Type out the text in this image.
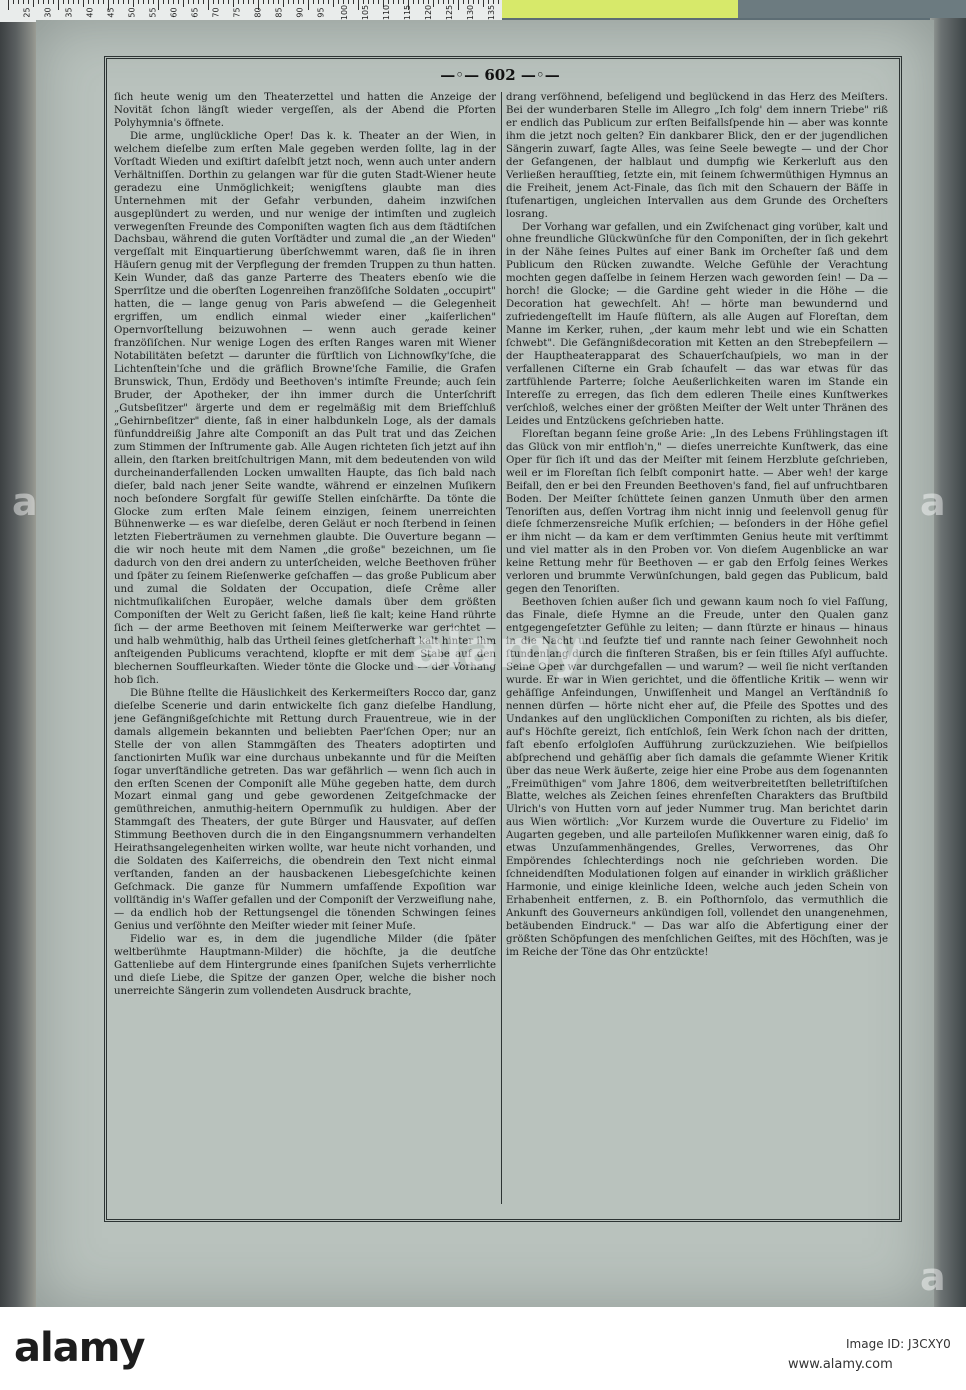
25 30 35 40 45 50 55 60 65 70 75 80 85 90 95 100 105 110 115 120 125 130 135
—◦— 602 —◦—

ſich heute wenig um den Theaterzettel und hatten die Anzeige der Novität ſchon längſt wieder vergeſſen, als der Abend die Pforten Polyhymnia's öffnete.

Die arme, unglückliche Oper! Das k. k. Theater an der Wien, in welchem dieſelbe zum erſten Male gegeben werden ſollte, lag in der Vorſtadt Wieden und exiſtirt daſelbſt jetzt noch, wenn auch unter andern Verhältniſſen. Dorthin zu gelangen war für die guten Stadt-Wiener heute geradezu eine Unmöglichkeit; wenigſtens glaubte man dies Unternehmen mit der Gefahr verbunden, daheim inzwiſchen ausgeplündert zu werden, und nur wenige der intimſten und zugleich verwegenſten Freunde des Componiſten wagten ſich aus dem ſtädtiſchen Dachsbau, während die guten Vorſtädter und zumal die „an der Wieden" vergeſſalt mit Einquartierung überſchwemmt waren, daß ſie in ihren Häuſern genug mit der Verpflegung der fremden Truppen zu thun hatten. Kein Wunder, daß das ganze Parterre des Theaters ebenſo wie die Sperrſitze und die oberſten Logenreihen franzöſiſche Soldaten „occupirt" hatten, die — lange genug von Paris abweſend — die Gelegenheit ergriffen, um endlich einmal wieder einer „kaiſerlichen" Opernvorſtellung beizuwohnen — wenn auch gerade keiner franzöſiſchen. Nur wenige Logen des erſten Ranges waren mit Wiener Notabilitäten beſetzt — darunter die fürſtlich von Lichnowſky'ſche, die Lichtenſtein'ſche und die gräflich Browne'ſche Familie, die Grafen Brunswick, Thun, Erdödy und Beethoven's intimſte Freunde; auch ſein Bruder, der Apotheker, der ihn immer durch die Unterſchrift „Gutsbeſitzer" ärgerte und dem er regelmäßig mit dem Briefſchluß „Gehirnbeſitzer" diente, ſaß in einer halbdunkeln Loge, als der damals fünfunddreißig Jahre alte Componiſt an das Pult trat und das Zeichen zum Stimmen der Inſtrumente gab. Alle Augen richteten ſich jetzt auf ihn allein, den ſtarken breitſchultrigen Mann, mit dem bedeutenden von wild durcheinanderfallenden Locken umwallten Haupte, das ſich bald nach dieſer, bald nach jener Seite wandte, während er einzelnen Muſikern noch beſondere Sorgfalt für gewiſſe Stellen einſchärfte. Da tönte die Glocke zum erſten Male ſeinem einzigen, ſeinem unerreichten Bühnenwerke — es war dieſelbe, deren Geläut er noch ſterbend in ſeinen letzten Fieberträumen zu vernehmen glaubte. Die Ouverture begann — die wir noch heute mit dem Namen „die große" bezeichnen, um ſie dadurch von den drei andern zu unterſcheiden, welche Beethoven früher und ſpäter zu ſeinem Rieſenwerke geſchaffen — das große Publicum aber und zumal die Soldaten der Occupation, dieſe Crême aller nichtmuſikaliſchen Europäer, welche damals über dem größten Componiſten der Welt zu Gericht ſaßen, ließ ſie kalt; keine Hand rührte ſich — der arme Beethoven mit ſeinem Meiſterwerke war gerichtet — und halb wehmüthig, halb das Urtheil ſeines gletſcherhaft kalt hinter ihm anſteigenden Publicums verachtend, klopfte er mit dem Stabe auf den blechernen Souffleurkaſten. Wieder tönte die Glocke und — der Vorhang hob ſich.

Die Bühne ſtellte die Häuslichkeit des Kerkermeiſters Rocco dar, ganz dieſelbe Scenerie und darin entwickelte ſich ganz dieſelbe Handlung, jene Gefängnißgeſchichte mit Rettung durch Frauentreue, wie in der damals allgemein bekannten und beliebten Paer'ſchen Oper; nur an Stelle der von allen Stammgäſten des Theaters adoptirten und ſanctionirten Muſik war eine durchaus unbekannte und für die Meiſten ſogar unverſtändliche getreten. Das war gefährlich — wenn ſich auch in den erſten Scenen der Componiſt alle Mühe gegeben hatte, dem durch Mozart einmal gang und gebe gewordenen Zeitgeſchmacke der gemüthreichen, anmuthig-heitern Opernmuſik zu huldigen. Aber der Stammgaſt des Theaters, der gute Bürger und Hausvater, auf deſſen Stimmung Beethoven durch die in den Eingangsnummern verhandelten Heirathsangelegenheiten wirken wollte, war heute nicht vorhanden, und die Soldaten des Kaiſerreichs, die obendrein den Text nicht einmal verſtanden, fanden an der hausbackenen Liebesgeſchichte keinen Geſchmack. Die ganze für Nummern umfaſſende Expoſition war vollſtändig in's Waſſer gefallen und der Componiſt der Verzweiflung nahe, — da endlich hob der Rettungsengel die tönenden Schwingen ſeines Genius und verſöhnte den Meiſter wieder mit ſeiner Muſe.

Fidelio war es, in dem die jugendliche Milder (die ſpäter weltberühmte Hauptmann-Milder) die höchſte, ja die deutſche Gattenliebe auf dem Hintergrunde eines ſpaniſchen Sujets verherrlichte und dieſe Liebe, die Spitze der ganzen Oper, welche die bisher noch unerreichte Sängerin zum vollendeten Ausdruck brachte,

drang verſöhnend, beſeligend und beglückend in das Herz des Meiſters. Bei der wunderbaren Stelle im Allegro „Ich folg' dem innern Triebe" riß er endlich das Publicum zur erſten Beifallsſpende hin — aber was konnte ihm die jetzt noch gelten? Ein dankbarer Blick, den er der jugendlichen Sängerin zuwarf, ſagte Alles, was ſeine Seele bewegte — und der Chor der Gefangenen, der halblaut und dumpfig wie Kerkerluft aus den Verließen herauſſtieg, ſetzte ein, mit ſeinem ſchwermüthigen Hymnus an die Freiheit, jenem Act-Finale, das ſich mit den Schauern der Bäſſe in ſtufenartigen, ungleichen Intervallen aus dem Grunde des Orcheſters losrang.

Der Vorhang war gefallen, und ein Zwiſchenact ging vorüber, kalt und ohne freundliche Glückwünſche für den Componiſten, der in ſich gekehrt in der Nähe ſeines Pultes auf einer Bank im Orcheſter ſaß und dem Publicum den Rücken zuwandte. Welche Gefühle der Verachtung mochten gegen daſſelbe in ſeinem Herzen wach geworden ſein! — Da — horch! die Glocke; — die Gardine geht wieder in die Höhe — die Decoration hat gewechſelt. Ah! — hörte man bewundernd und zufriedengeſtellt im Hauſe flüſtern, als alle Augen auf Floreſtan, dem Manne im Kerker, ruhen, „der kaum mehr lebt und wie ein Schatten ſchwebt". Die Gefängnißdecoration mit Ketten an den Strebepfeilern — der Hauptheaterapparat des Schauerſchauſpiels, wo man in der verfallenen Ciſterne ein Grab ſchaufelt — das war etwas für das zartfühlende Parterre; ſolche Aeußerlichkeiten waren im Stande ein Intereſſe zu erregen, das ſich dem edleren Theile eines Kunſtwerkes verſchloß, welches einer der größten Meiſter der Welt unter Thränen des Leides und Entzückens geſchrieben hatte.

Floreſtan begann ſeine große Arie: „In des Lebens Frühlingstagen iſt das Glück von mir entfloh'n," — dieſes unerreichte Kunſtwerk, das eine Oper für ſich iſt und das der Meiſter mit ſeinem Herzblute geſchrieben, weil er im Floreſtan ſich ſelbſt componirt hatte. — Aber weh! der karge Beifall, den er bei den Freunden Beethoven's fand, fiel auf unfruchtbaren Boden. Der Meiſter ſchüttete ſeinen ganzen Unmuth über den armen Tenoriſten aus, deſſen Vortrag ihm nicht innig und ſeelenvoll genug für dieſe ſchmerzensreiche Muſik erſchien; — beſonders in der Höhe gefiel er ihm nicht — da kam er dem verſtimmten Genius heute mit verſtimmt und viel matter als in den Proben vor. Von dieſem Augenblicke an war keine Rettung mehr für Beethoven — er gab den Erfolg ſeines Werkes verloren und brummte Verwünſchungen, bald gegen das Publicum, bald gegen den Tenoriſten.

Beethoven ſchien außer ſich und gewann kaum noch ſo viel Faſſung, das Finale, dieſe Hymne an die Freude, unter den Qualen ganz entgegengeſetzter Gefühle zu leiten; — dann ſtürzte er hinaus — hinaus in die Nacht und ſeufzte tief und rannte nach ſeiner Gewohnheit noch ſtundenlang durch die finſteren Straßen, bis er ſein ſtilles Aſyl aufſuchte. Seine Oper war durchgefallen — und warum? — weil ſie nicht verſtanden wurde. Er war in Wien gerichtet, und die öffentliche Kritik — wenn wir gehäſſige Anfeindungen, Unwiſſenheit und Mangel an Verſtändniß ſo nennen dürfen — hörte nicht eher auf, die Pfeile des Spottes und des Undankes auf den unglücklichen Componiſten zu richten, als bis dieſer, auf's Höchſte gereizt, ſich entſchloß, ſein Werk ſchon nach der dritten, faſt ebenſo erfolgloſen Aufführung zurückzuziehen. Wie beiſpiellos abſprechend und gehäſſig aber ſich damals die geſammte Wiener Kritik über das neue Werk äußerte, zeige hier eine Probe aus dem ſogenannten „Freimüthigen" vom Jahre 1806, dem weitverbreitetſten belletriſtiſchen Blatte, welches als Zeichen ſeines ehrenfeſten Charakters das Bruſtbild Ulrich's von Hutten vorn auf jeder Nummer trug. Man berichtet darin aus Wien wörtlich: „Vor Kurzem wurde die Ouverture zu Fidelio' im Augarten gegeben, und alle parteiloſen Muſikkenner waren einig, daß ſo etwas Unzuſammenhängendes, Grelles, Verworrenes, das Ohr Empörendes ſchlechterdings noch nie geſchrieben worden. Die ſchneidendſten Modulationen folgen auf einander in wirklich gräßlicher Harmonie, und einige kleinliche Ideen, welche auch jeden Schein von Erhabenheit entfernen, z. B. ein Poſthornſolo, das vermuthlich die Ankunft des Gouverneurs ankündigen ſoll, vollendet den unangenehmen, betäubenden Eindruck." — Das war alſo die Abfertigung einer der größten Schöpfungen des menſchlichen Geiſtes, mit des Höchſten, was je im Reiche der Töne das Ohr entzückte!

a	a
alamy
a
alamy	Image ID: J3CXY0
www.alamy.com
